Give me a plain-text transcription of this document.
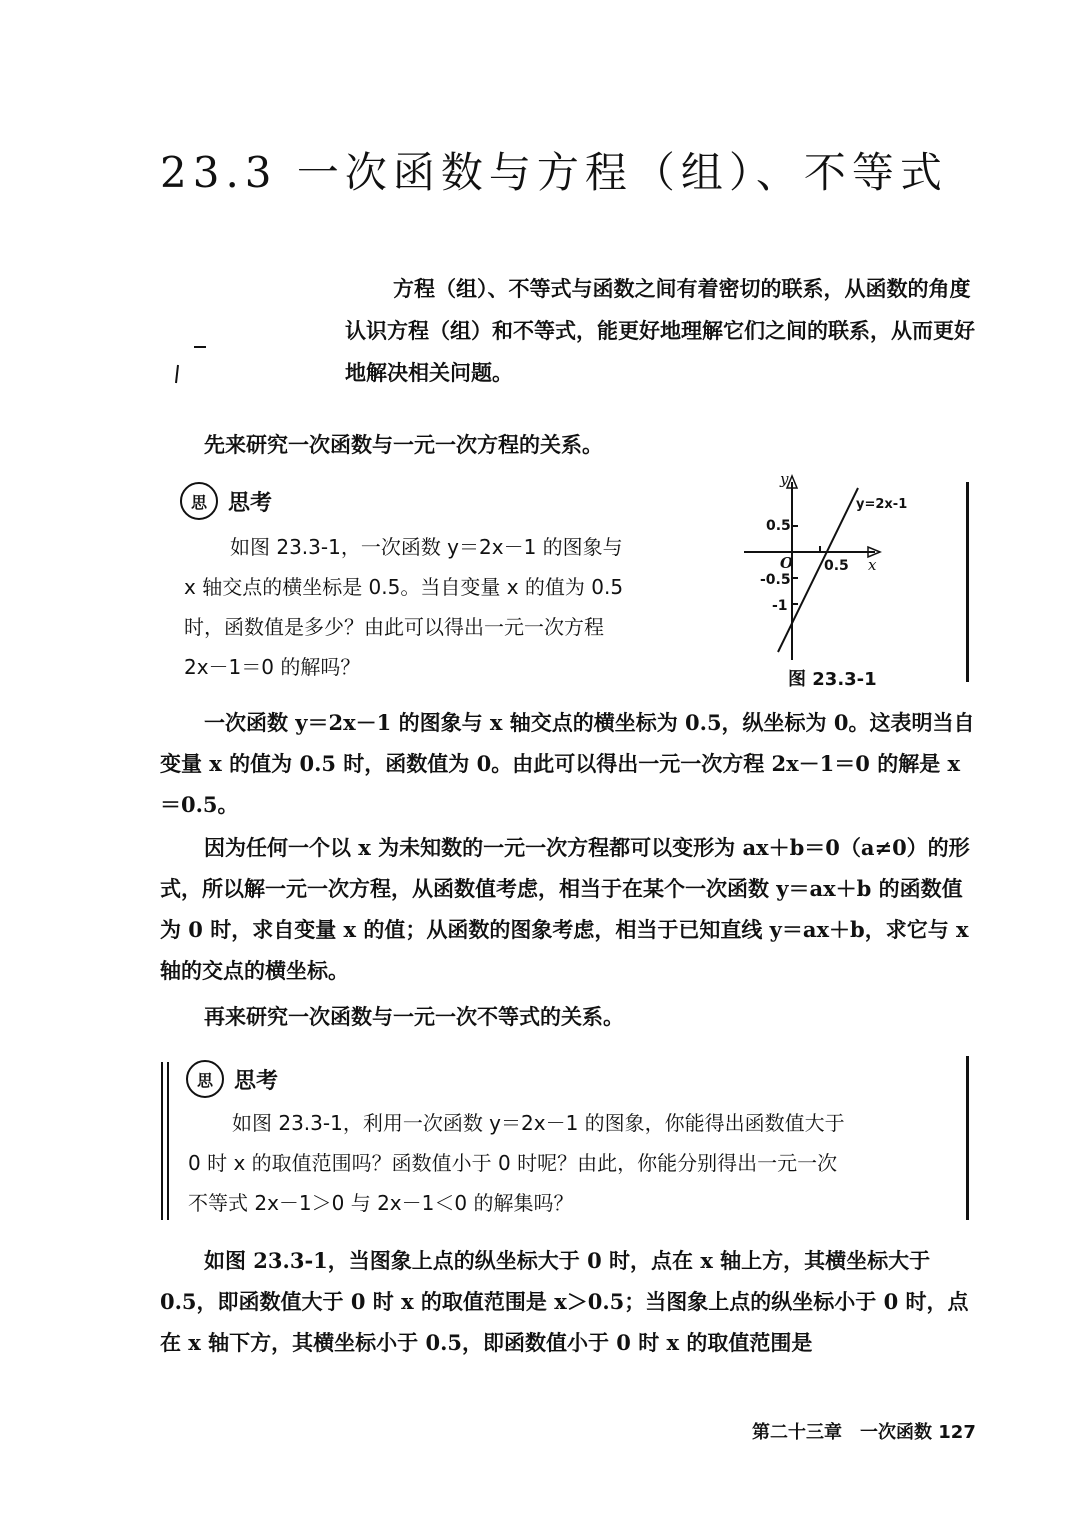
23.3 一次函数与方程（组）、不等式
方程（组）、不等式与函数之间有着密切的联系，从函数的角度认识方程（组）和不等式，能更好地理解它们之间的联系，从而更好地解决相关问题。
先来研究一次函数与一元一次方程的关系。
思 思考
如图 23.3-1，一次函数 y＝2x－1 的图象与
x 轴交点的横坐标是 0.5。当自变量 x 的值为 0.5
时，函数值是多少？由此可以得出一元一次方程
2x－1＝0 的解吗？
y
x
O
y=2x-1
0.5
-0.5
-1
0.5
图 23.3-1
一次函数 y＝2x－1 的图象与 x 轴交点的横坐标为 0.5，纵坐标为 0。这表明当自变量 x 的值为 0.5 时，函数值为 0。由此可以得出一元一次方程 2x－1＝0 的解是 x＝0.5。
因为任何一个以 x 为未知数的一元一次方程都可以变形为 ax＋b＝0（a≠0）的形式，所以解一元一次方程，从函数值考虑，相当于在某个一次函数 y＝ax＋b 的函数值为 0 时，求自变量 x 的值；从函数的图象考虑，相当于已知直线 y＝ax＋b，求它与 x 轴的交点的横坐标。
再来研究一次函数与一元一次不等式的关系。
思 思考
如图 23.3-1，利用一次函数 y＝2x－1 的图象，你能得出函数值大于
0 时 x 的取值范围吗？函数值小于 0 时呢？由此，你能分别得出一元一次
不等式 2x－1＞0 与 2x－1＜0 的解集吗？
如图 23.3-1，当图象上点的纵坐标大于 0 时，点在 x 轴上方，其横坐标大于 0.5，即函数值大于 0 时 x 的取值范围是 x＞0.5；当图象上点的纵坐标小于 0 时，点在 x 轴下方，其横坐标小于 0.5，即函数值小于 0 时 x 的取值范围是
第二十三章　一次函数 127
